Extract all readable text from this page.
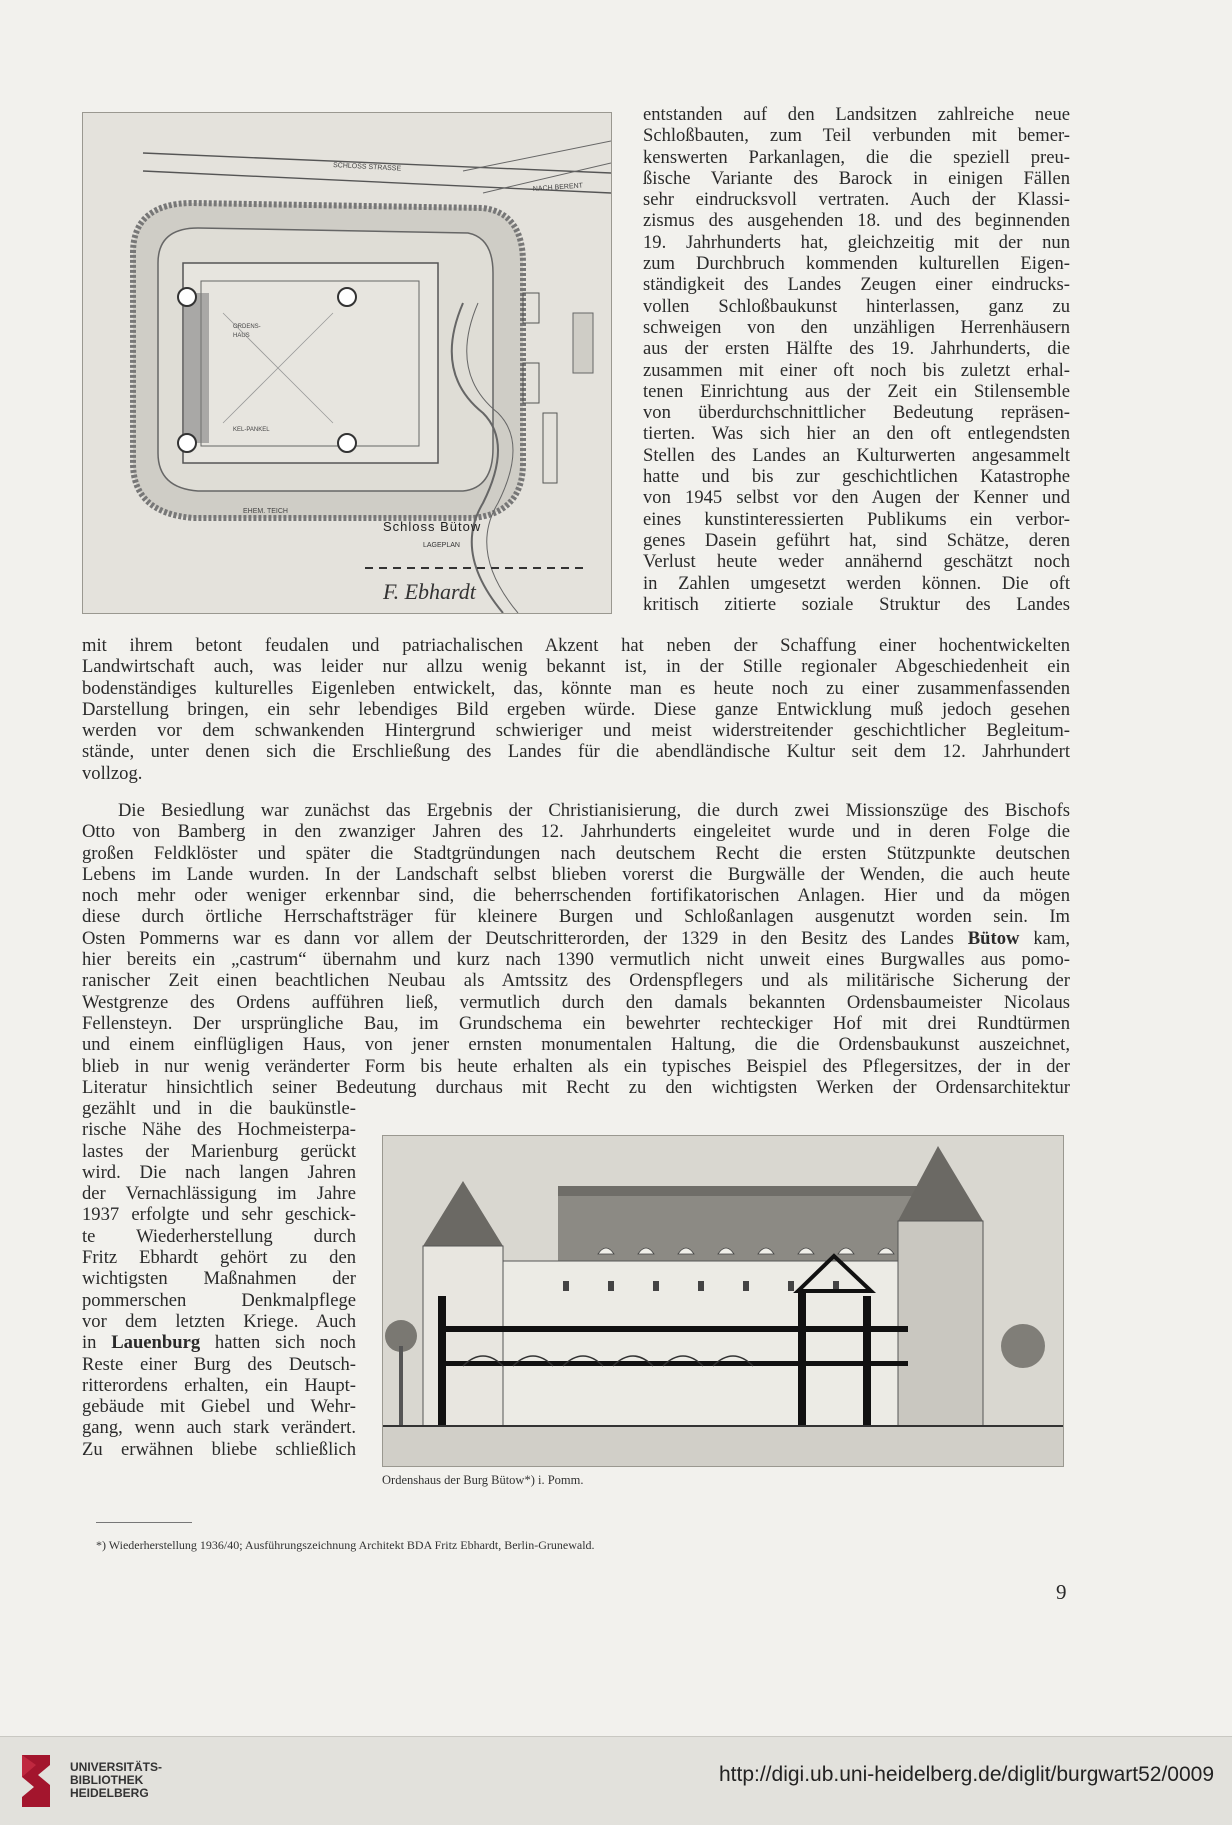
SCHLOSS STRASSE
NACH BERENT
ORDENS-
HAUS
KEL-PANKEL
EHEM. TEICH
Schloss Bütow
LAGEPLAN
F. Ebhardt
entstanden auf den Landsitzen zahlreiche neue
Schloßbauten, zum Teil verbunden mit bemer-
kenswerten Parkanlagen, die die speziell preu-
ßische Variante des Barock in einigen Fällen
sehr eindrucksvoll vertraten. Auch der Klassi-
zismus des ausgehenden 18. und des beginnenden
19. Jahrhunderts hat, gleichzeitig mit der nun
zum Durchbruch kommenden kulturellen Eigen-
ständigkeit des Landes Zeugen einer eindrucks-
vollen Schloßbaukunst hinterlassen, ganz zu
schweigen von den unzähligen Herrenhäusern
aus der ersten Hälfte des 19. Jahrhunderts, die
zusammen mit einer oft noch bis zuletzt erhal-
tenen Einrichtung aus der Zeit ein Stilensemble
von überdurchschnittlicher Bedeutung repräsen-
tierten. Was sich hier an den oft entlegendsten
Stellen des Landes an Kulturwerten angesammelt
hatte und bis zur geschichtlichen Katastrophe
von 1945 selbst vor den Augen der Kenner und
eines kunstinteressierten Publikums ein verbor-
genes Dasein geführt hat, sind Schätze, deren
Verlust heute weder annähernd geschätzt noch
in Zahlen umgesetzt werden können. Die oft
kritisch zitierte soziale Struktur des Landes
mit ihrem betont feudalen und patriachalischen Akzent hat neben der Schaffung einer hochentwickelten
Landwirtschaft auch, was leider nur allzu wenig bekannt ist, in der Stille regionaler Abgeschiedenheit ein
bodenständiges kulturelles Eigenleben entwickelt, das, könnte man es heute noch zu einer zusammenfassenden
Darstellung bringen, ein sehr lebendiges Bild ergeben würde. Diese ganze Entwicklung muß jedoch gesehen
werden vor dem schwankenden Hintergrund schwieriger und meist widerstreitender geschichtlicher Begleitum-
stände, unter denen sich die Erschließung des Landes für die abendländische Kultur seit dem 12. Jahrhundert
vollzog.
Die Besiedlung war zunächst das Ergebnis der Christianisierung, die durch zwei Missionszüge des Bischofs
Otto von Bamberg in den zwanziger Jahren des 12. Jahrhunderts eingeleitet wurde und in deren Folge die
großen Feldklöster und später die Stadtgründungen nach deutschem Recht die ersten Stützpunkte deutschen
Lebens im Lande wurden. In der Landschaft selbst blieben vorerst die Burgwälle der Wenden, die auch heute
noch mehr oder weniger erkennbar sind, die beherrschenden fortifikatorischen Anlagen. Hier und da mögen
diese durch örtliche Herrschaftsträger für kleinere Burgen und Schloßanlagen ausgenutzt worden sein. Im
Osten Pommerns war es dann vor allem der Deutschritterorden, der 1329 in den Besitz des Landes Bütow kam,
hier bereits ein „castrum“ übernahm und kurz nach 1390 vermutlich nicht unweit eines Burgwalles aus pomo-
ranischer Zeit einen beachtlichen Neubau als Amtssitz des Ordenspflegers und als militärische Sicherung der
Westgrenze des Ordens aufführen ließ, vermutlich durch den damals bekannten Ordensbaumeister Nicolaus
Fellensteyn. Der ursprüngliche Bau, im Grundschema ein bewehrter rechteckiger Hof mit drei Rundtürmen
und einem einflügligen Haus, von jener ernsten monumentalen Haltung, die die Ordensbaukunst auszeichnet,
blieb in nur wenig veränderter Form bis heute erhalten als ein typisches Beispiel des Pflegersitzes, der in der
Literatur hinsichtlich seiner Bedeutung durchaus mit Recht zu den wichtigsten Werken der Ordensarchitektur
gezählt und in die baukünstle-
rische Nähe des Hochmeisterpa-
lastes der Marienburg gerückt
wird. Die nach langen Jahren
der Vernachlässigung im Jahre
1937 erfolgte und sehr geschick-
te Wiederherstellung durch
Fritz Ebhardt gehört zu den
wichtigsten Maßnahmen der
pommerschen Denkmalpflege
vor dem letzten Kriege. Auch
in Lauenburg hatten sich noch
Reste einer Burg des Deutsch-
ritterordens erhalten, ein Haupt-
gebäude mit Giebel und Wehr-
gang, wenn auch stark verändert.
Zu erwähnen bliebe schließlich
Ordenshaus der Burg Bütow*) i. Pomm.
*) Wiederherstellung 1936/40; Ausführungszeichnung Architekt BDA Fritz Ebhardt, Berlin-Grunewald.
9
UNIVERSITÄTS-
BIBLIOTHEK
HEIDELBERG
http://digi.ub.uni-heidelberg.de/diglit/burgwart52/0009
